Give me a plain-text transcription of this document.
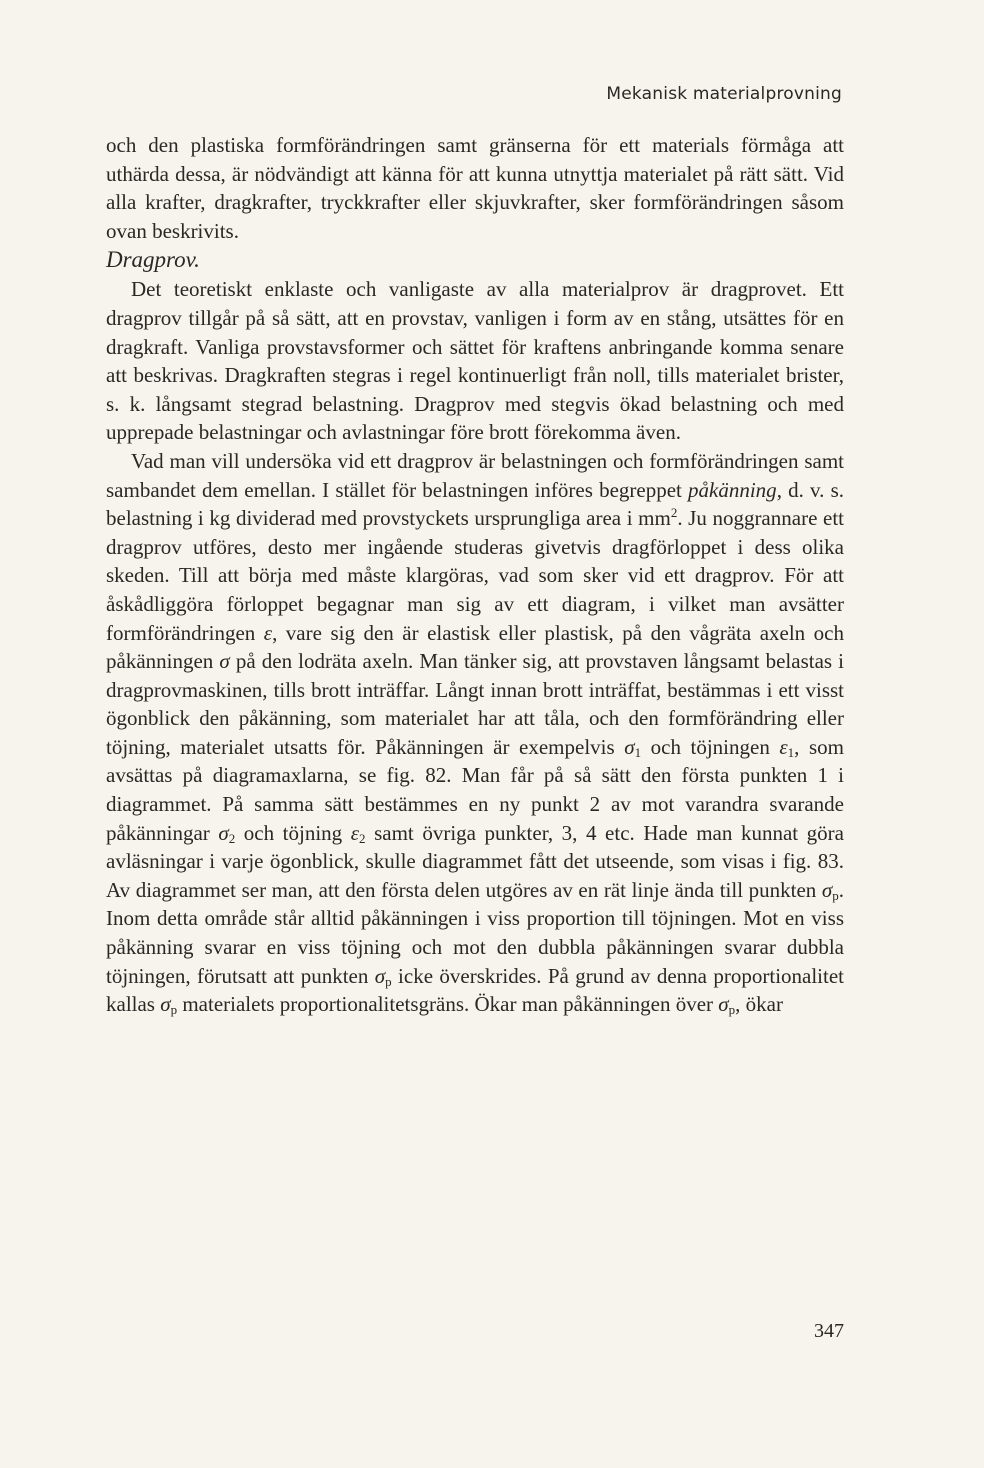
Mekanisk materialprovning

och den plastiska formförändringen samt gränserna för ett materials förmåga att uthärda dessa, är nödvändigt att känna för att kunna utnyttja materialet på rätt sätt. Vid alla krafter, dragkrafter, tryckkrafter eller skjuvkrafter, sker formförändringen såsom ovan beskrivits.

Dragprov.

Det teoretiskt enklaste och vanligaste av alla materialprov är dragprovet. Ett dragprov tillgår på så sätt, att en provstav, vanligen i form av en stång, utsättes för en dragkraft. Vanliga provstavsformer och sättet för kraftens anbringande komma senare att beskrivas. Dragkraften stegras i regel kontinuerligt från noll, tills materialet brister, s. k. långsamt stegrad belastning. Dragprov med stegvis ökad belastning och med upprepade belastningar och avlastningar före brott förekomma även.

Vad man vill undersöka vid ett dragprov är belastningen och formförändringen samt sambandet dem emellan. I stället för belastningen införes begreppet påkänning, d. v. s. belastning i kg dividerad med provstyckets ursprungliga area i $mm^2$. Ju noggrannare ett dragprov utföres, desto mer ingående studeras givetvis dragförloppet i dess olika skeden. Till att börja med måste klargöras, vad som sker vid ett dragprov. För att åskådliggöra förloppet begagnar man sig av ett diagram, i vilket man avsätter formförändringen ε, vare sig den är elastisk eller plastisk, på den vågräta axeln och påkänningen σ på den lodräta axeln. Man tänker sig, att provstaven långsamt belastas i dragprovmaskinen, tills brott inträffar. Långt innan brott inträffat, bestämmas i ett visst ögonblick den påkänning, som materialet har att tåla, och den formförändring eller töjning, materialet utsatts för. Påkänningen är exempelvis $\sigma_1$ och töjningen $\varepsilon_1$, som avsättas på diagramaxlarna, se fig. 82. Man får på så sätt den första punkten 1 i diagrammet. På samma sätt bestämmes en ny punkt 2 av mot varandra svarande påkänningar $\sigma_2$ och töjning $\varepsilon_2$ samt övriga punkter, 3, 4 etc. Hade man kunnat göra avläsningar i varje ögonblick, skulle diagrammet fått det utseende, som visas i fig. 83. Av diagrammet ser man, att den första delen utgöres av en rät linje ända till punkten $\sigma_p$. Inom detta område står alltid påkänningen i viss proportion till töjningen. Mot en viss påkänning svarar en viss töjning och mot den dubbla påkänningen svarar dubbla töjningen, förutsatt att punkten $\sigma_p$ icke överskrides. På grund av denna proportionalitet kallas $\sigma_p$ materialets proportionalitetsgräns. Ökar man påkänningen över $\sigma_p$, ökar

347
